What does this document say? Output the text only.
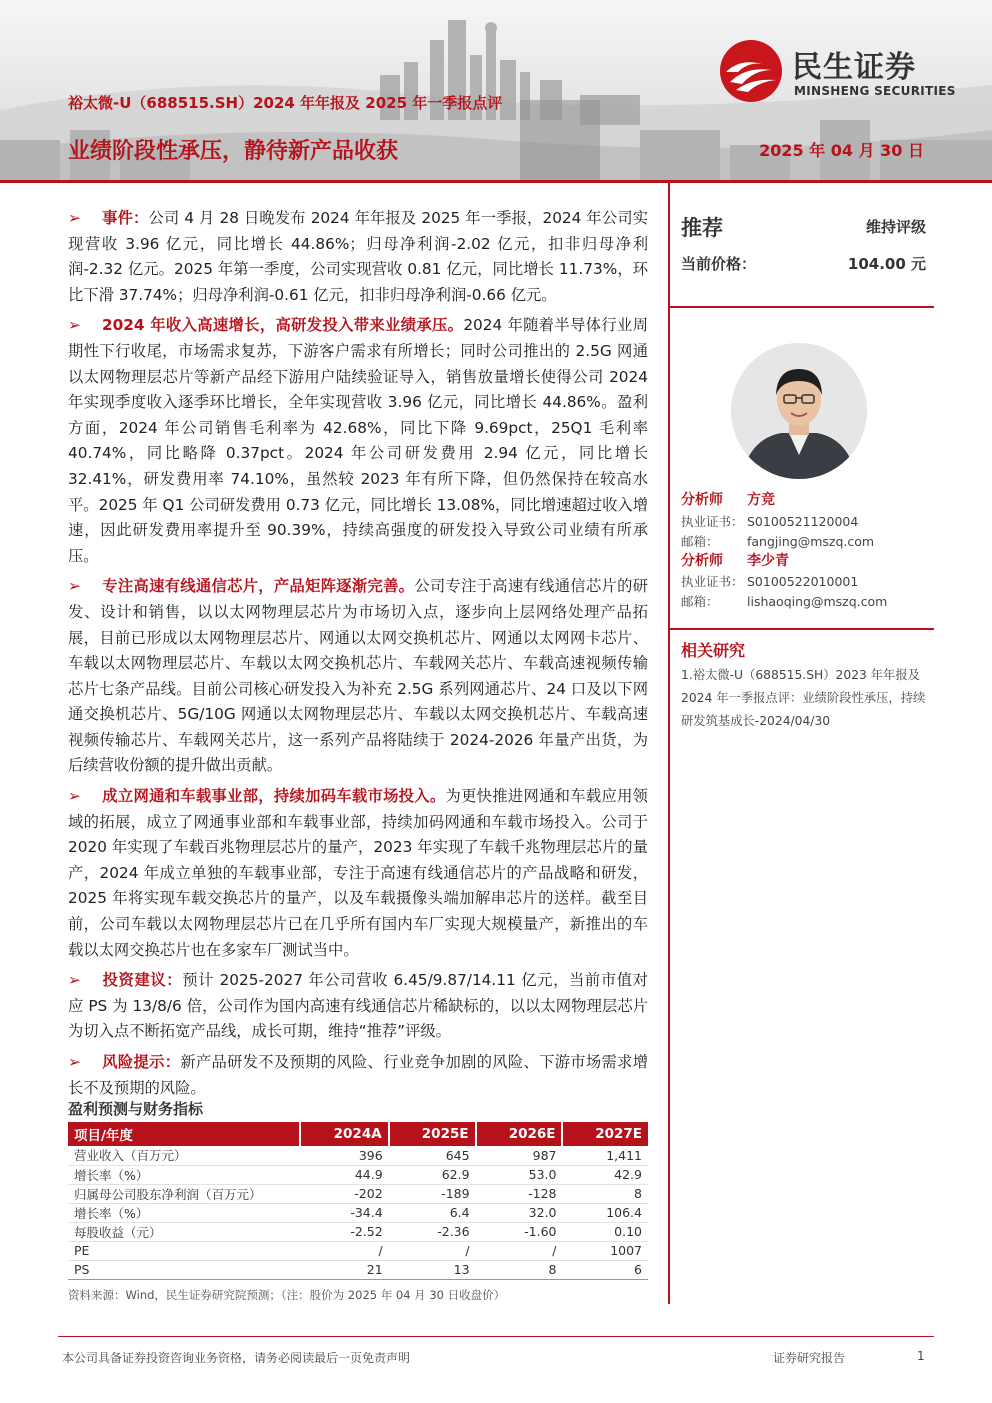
民生证券
MINSHENG SECURITIES
裕太微-U（688515.SH）2024 年年报及 2025 年一季报点评
业绩阶段性承压，静待新产品收获	2025 年 04 月 30 日

➢ 事件：公司 4 月 28 日晚发布 2024 年年报及 2025 年一季报，2024 年公司实现营收 3.96 亿元，同比增长 44.86%；归母净利润-2.02 亿元，扣非归母净利润-2.32 亿元。2025 年第一季度，公司实现营收 0.81 亿元，同比增长 11.73%，环比下滑 37.74%；归母净利润-0.61 亿元，扣非归母净利润-0.66 亿元。

➢ 2024 年收入高速增长，高研发投入带来业绩承压。2024 年随着半导体行业周期性下行收尾，市场需求复苏，下游客户需求有所增长；同时公司推出的 2.5G 网通以太网物理层芯片等新产品经下游用户陆续验证导入，销售放量增长使得公司 2024 年实现季度收入逐季环比增长，全年实现营收 3.96 亿元，同比增长 44.86%。盈利方面，2024 年公司销售毛利率为 42.68%，同比下降 9.69pct，25Q1 毛利率 40.74%，同比略降 0.37pct。2024 年公司研发费用 2.94 亿元，同比增长 32.41%，研发费用率 74.10%，虽然较 2023 年有所下降，但仍然保持在较高水平。2025 年 Q1 公司研发费用 0.73 亿元，同比增长 13.08%，同比增速超过收入增速，因此研发费用率提升至 90.39%，持续高强度的研发投入导致公司业绩有所承压。

➢ 专注高速有线通信芯片，产品矩阵逐渐完善。公司专注于高速有线通信芯片的研发、设计和销售，以以太网物理层芯片为市场切入点，逐步向上层网络处理产品拓展，目前已形成以太网物理层芯片、网通以太网交换机芯片、网通以太网网卡芯片、车载以太网物理层芯片、车载以太网交换机芯片、车载网关芯片、车载高速视频传输芯片七条产品线。目前公司核心研发投入为补充 2.5G 系列网通芯片、24 口及以下网通交换机芯片、5G/10G 网通以太网物理层芯片、车载以太网交换机芯片、车载高速视频传输芯片、车载网关芯片，这一系列产品将陆续于 2024-2026 年量产出货，为后续营收份额的提升做出贡献。

➢ 成立网通和车载事业部，持续加码车载市场投入。为更快推进网通和车载应用领域的拓展，成立了网通事业部和车载事业部，持续加码网通和车载市场投入。公司于 2020 年实现了车载百兆物理层芯片的量产，2023 年实现了车载千兆物理层芯片的量产，2024 年成立单独的车载事业部，专注于高速有线通信芯片的产品战略和研发，2025 年将实现车载交换芯片的量产，以及车载摄像头端加解串芯片的送样。截至目前，公司车载以太网物理层芯片已在几乎所有国内车厂实现大规模量产，新推出的车载以太网交换芯片也在多家车厂测试当中。

➢ 投资建议：预计 2025-2027 年公司营收 6.45/9.87/14.11 亿元，当前市值对应 PS 为 13/8/6 倍，公司作为国内高速有线通信芯片稀缺标的，以以太网物理层芯片为切入点不断拓宽产品线，成长可期，维持“推荐”评级。

➢ 风险提示：新产品研发不及预期的风险、行业竞争加剧的风险、下游市场需求增长不及预期的风险。

盈利预测与财务指标
项目/年度	2024A	2025E	2026E	2027E
营业收入（百万元）	396	645	987	1,411
增长率（%）	44.9	62.9	53.0	42.9
归属母公司股东净利润（百万元）	-202	-189	-128	8
增长率（%）	-34.4	6.4	32.0	106.4
每股收益（元）	-2.52	-2.36	-1.60	0.10
PE	/	/	/	1007
PS	21	13	8	6
资料来源：Wind，民生证券研究院预测；（注：股价为 2025 年 04 月 30 日收盘价）
推荐	维持评级
当前价格：	104.00 元
分析师 方竞
执业证书： S0100521120004
邮箱： fangjing@mszq.com
分析师 李少青
执业证书： S0100522010001
邮箱： lishaoqing@mszq.com
相关研究
1.裕太微-U（688515.SH）2023 年年报及 2024 年一季报点评：业绩阶段性承压，持续研发筑基成长-2024/04/30
本公司具备证券投资咨询业务资格，请务必阅读最后一页免责声明	证券研究报告	1
